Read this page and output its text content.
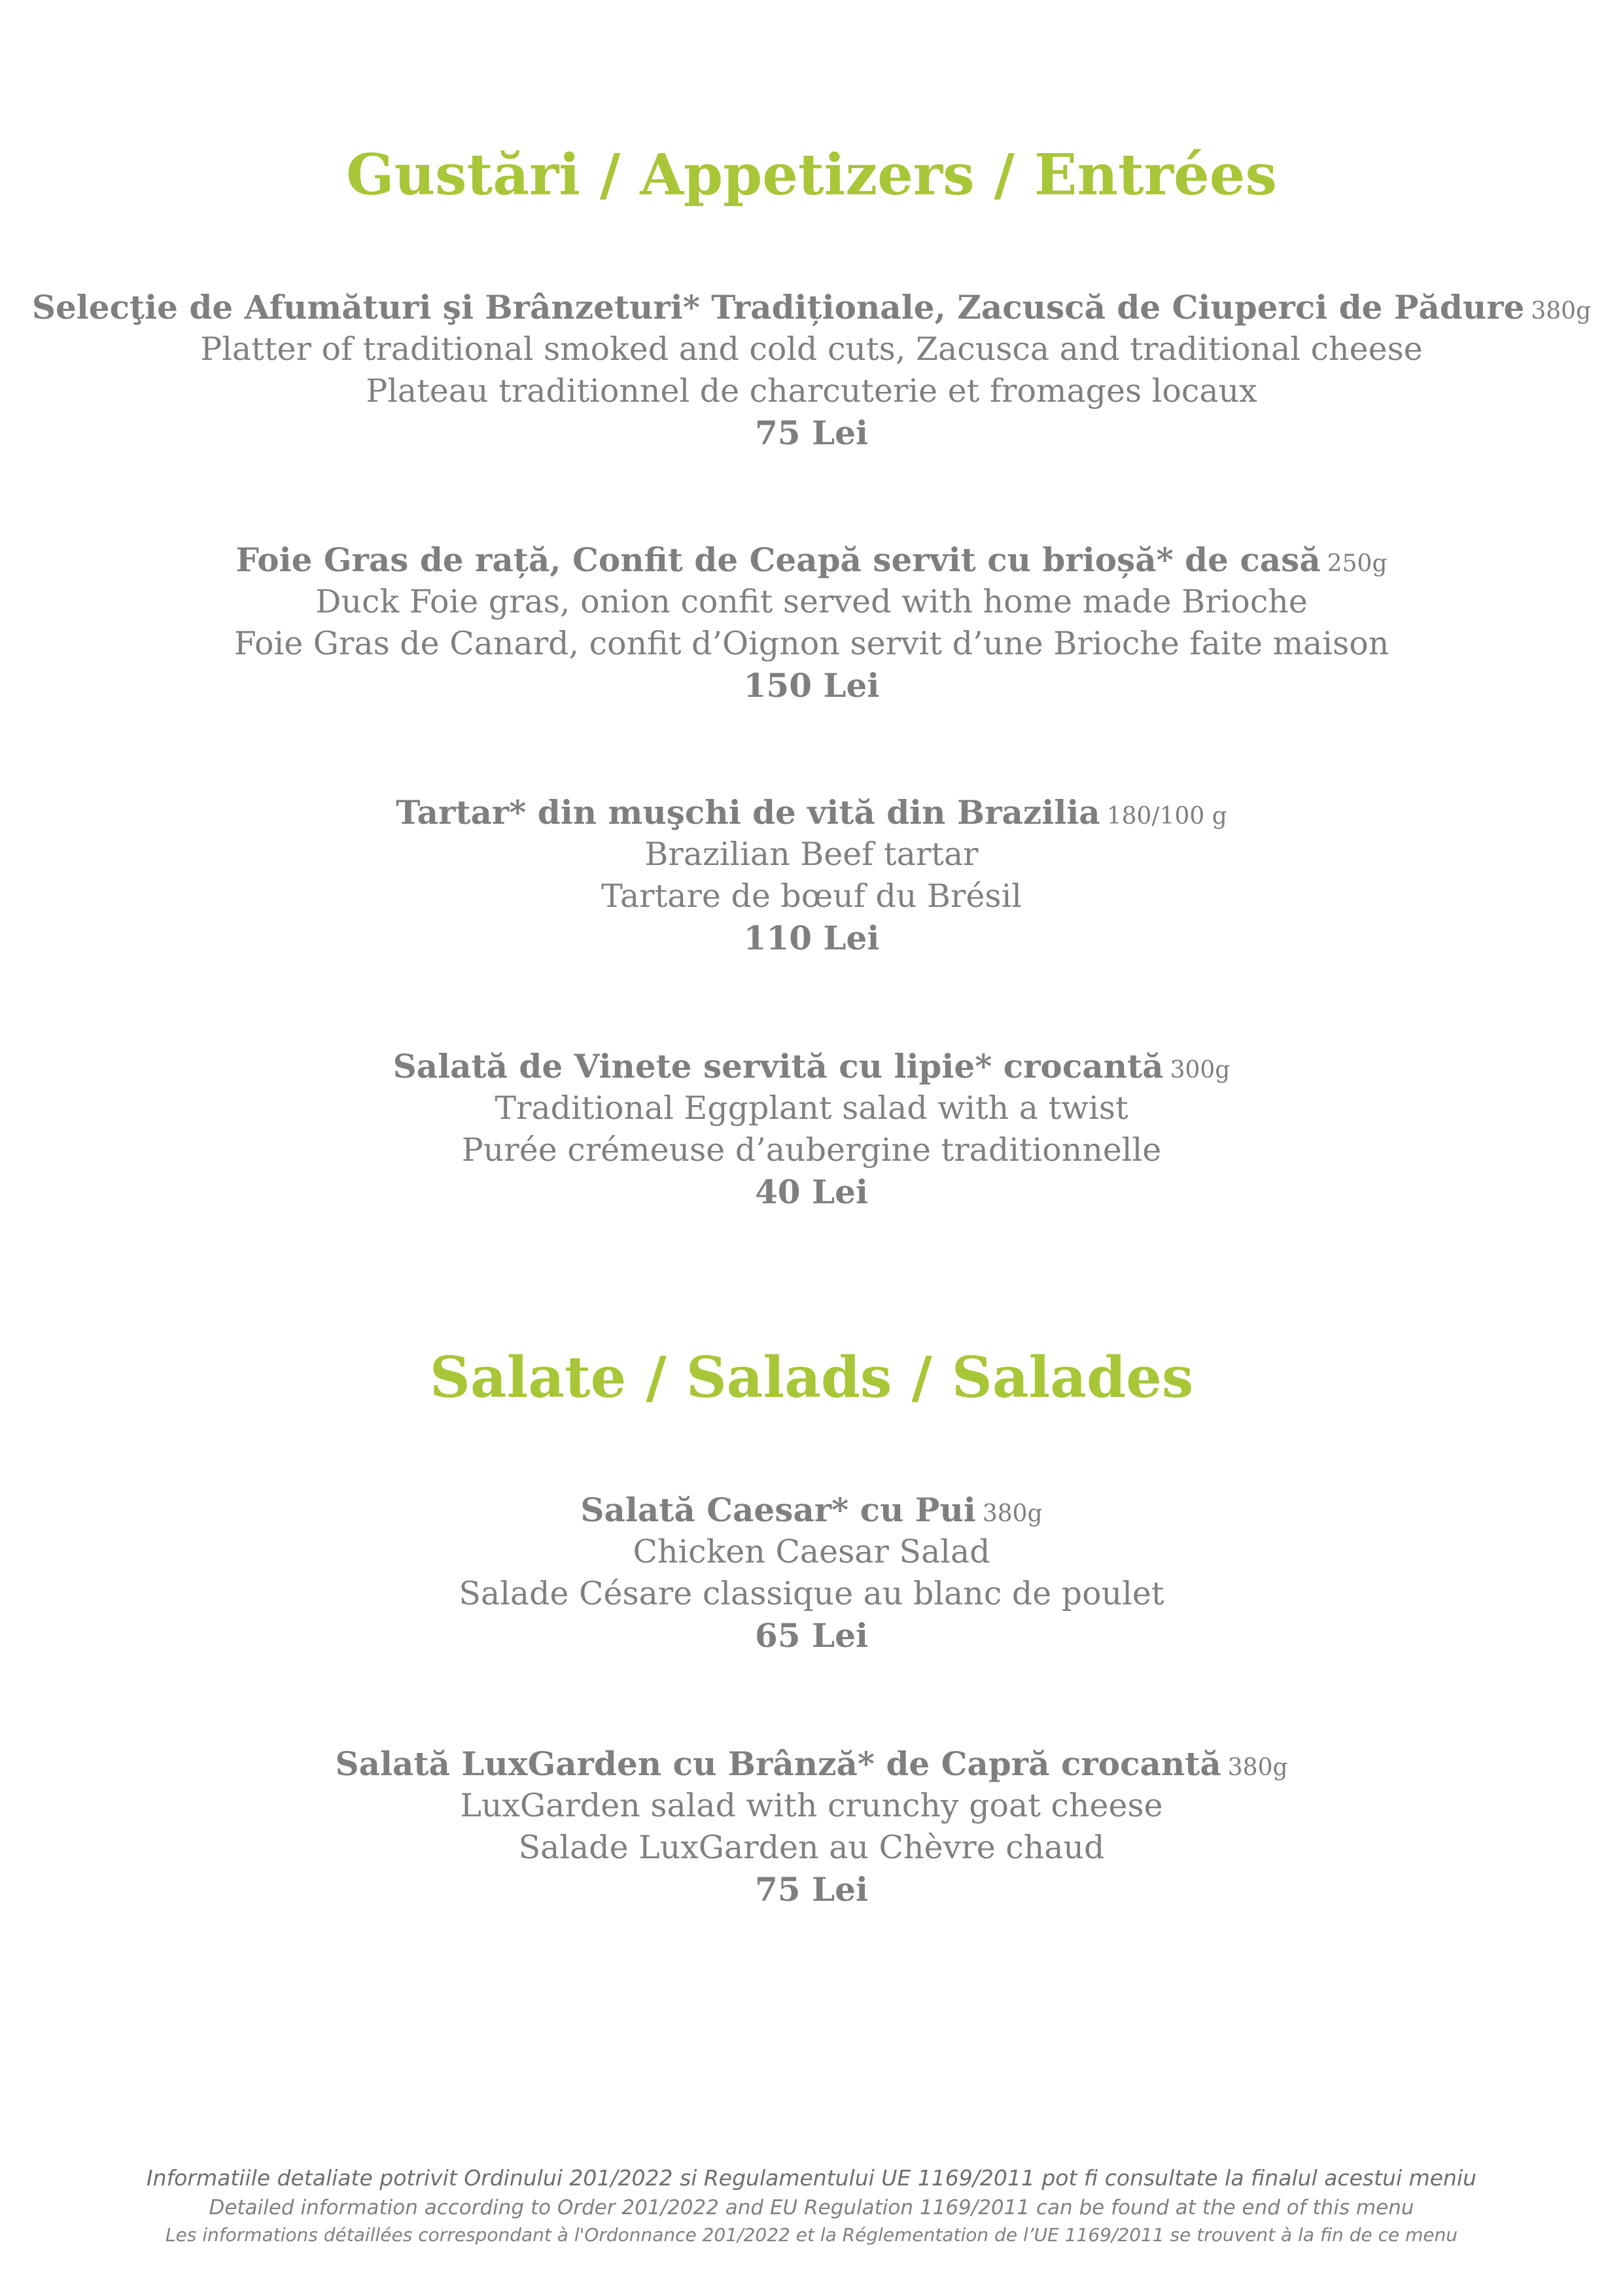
Gustări / Appetizers / Entrées
Selecţie de Afumături şi Brânzeturi* Tradiționale, Zacuscă de Ciuperci de Pădure 380g
Platter of traditional smoked and cold cuts, Zacusca and traditional cheese
Plateau traditionnel de charcuterie et fromages locaux
75 Lei
Foie Gras de rață, Confit de Ceapă servit cu brioșă* de casă 250g
Duck Foie gras, onion confit served with home made Brioche
Foie Gras de Canard, confit d’Oignon servit d’une Brioche faite maison
150 Lei
Tartar* din muşchi de vită din Brazilia 180/100 g
Brazilian Beef tartar
Tartare de bœuf du Brésil
110 Lei
Salată de Vinete servită cu lipie* crocantă 300g
Traditional Eggplant salad with a twist
Purée crémeuse d’aubergine traditionnelle
40 Lei
Salate / Salads / Salades
Salată Caesar* cu Pui 380g
Chicken Caesar Salad
Salade Césare classique au blanc de poulet
65 Lei
Salată LuxGarden cu Brânză* de Capră crocantă 380g
LuxGarden salad with crunchy goat cheese
Salade LuxGarden au Chèvre chaud
75 Lei
Informatiile detaliate potrivit Ordinului 201/2022 si Regulamentului UE 1169/2011 pot fi consultate la finalul acestui meniu
Detailed information according to Order 201/2022 and EU Regulation 1169/2011 can be found at the end of this menu
Les informations détaillées correspondant à l'Ordonnance 201/2022 et la Réglementation de l’UE 1169/2011 se trouvent à la fin de ce menu
